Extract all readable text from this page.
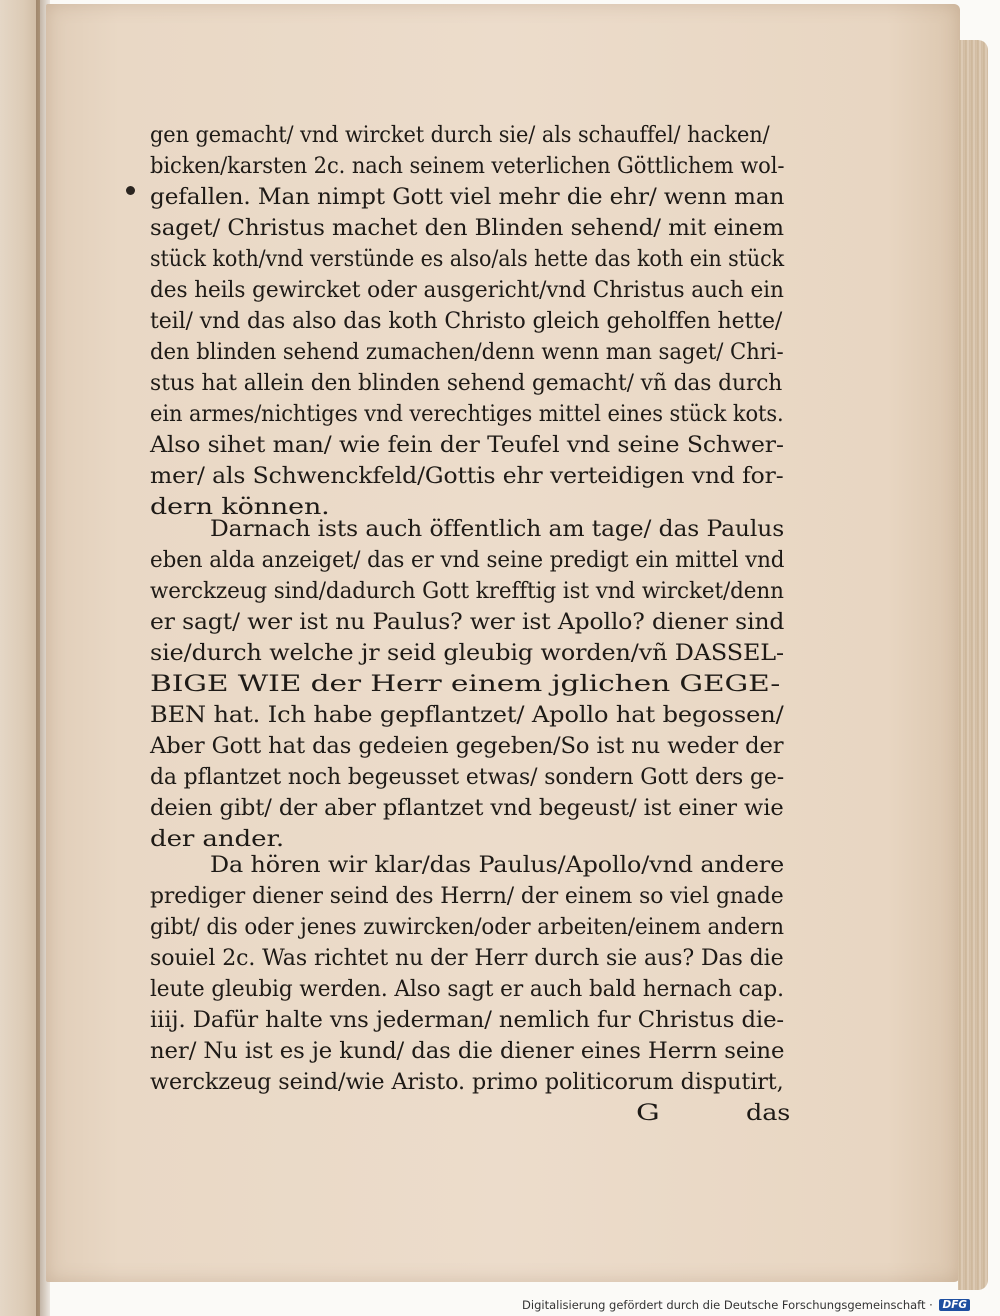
gen gemacht/ vnd wircket durch sie/ als schauffel/ hacken/
bicken/karsten 2c. nach seinem veterlichen Göttlichem wol-
gefallen. Man nimpt Gott viel mehr die ehr/ wenn man
saget/ Christus machet den Blinden sehend/ mit einem
stück koth/vnd verstünde es also/als hette das koth ein stück
des heils gewircket oder ausgericht/vnd Christus auch ein
teil/ vnd das also das koth Christo gleich geholffen hette/
den blinden sehend zumachen/denn wenn man saget/ Chri-
stus hat allein den blinden sehend gemacht/ vñ das durch
ein armes/nichtiges vnd verechtiges mittel eines stück kots.
Also sihet man/ wie fein der Teufel vnd seine Schwer-
mer/ als Schwenckfeld/Gottis ehr verteidigen vnd for-
dern können.
Darnach ists auch öffentlich am tage/ das Paulus
eben alda anzeiget/ das er vnd seine predigt ein mittel vnd
werckzeug sind/dadurch Gott krefftig ist vnd wircket/denn
er sagt/ wer ist nu Paulus? wer ist Apollo? diener sind
sie/durch welche jr seid gleubig worden/vñ DASSEL-
BIGE WIE der Herr einem jglichen GEGE-
BEN hat. Ich habe gepflantzet/ Apollo hat begossen/
Aber Gott hat das gedeien gegeben/So ist nu weder der
da pflantzet noch begeusset etwas/ sondern Gott ders ge-
deien gibt/ der aber pflantzet vnd begeust/ ist einer wie
der ander.
Da hören wir klar/das Paulus/Apollo/vnd andere
prediger diener seind des Herrn/ der einem so viel gnade
gibt/ dis oder jenes zuwircken/oder arbeiten/einem andern
souiel 2c. Was richtet nu der Herr durch sie aus? Das die
leute gleubig werden. Also sagt er auch bald hernach cap.
iiij. Dafür halte vns jederman/ nemlich fur Christus die-
ner/ Nu ist es je kund/ das die diener eines Herrn seine
werckzeug seind/wie Aristo. primo politicorum disputirt,
G	das
Digitalisierung gefördert durch die Deutsche Forschungsgemeinschaft · DFG
